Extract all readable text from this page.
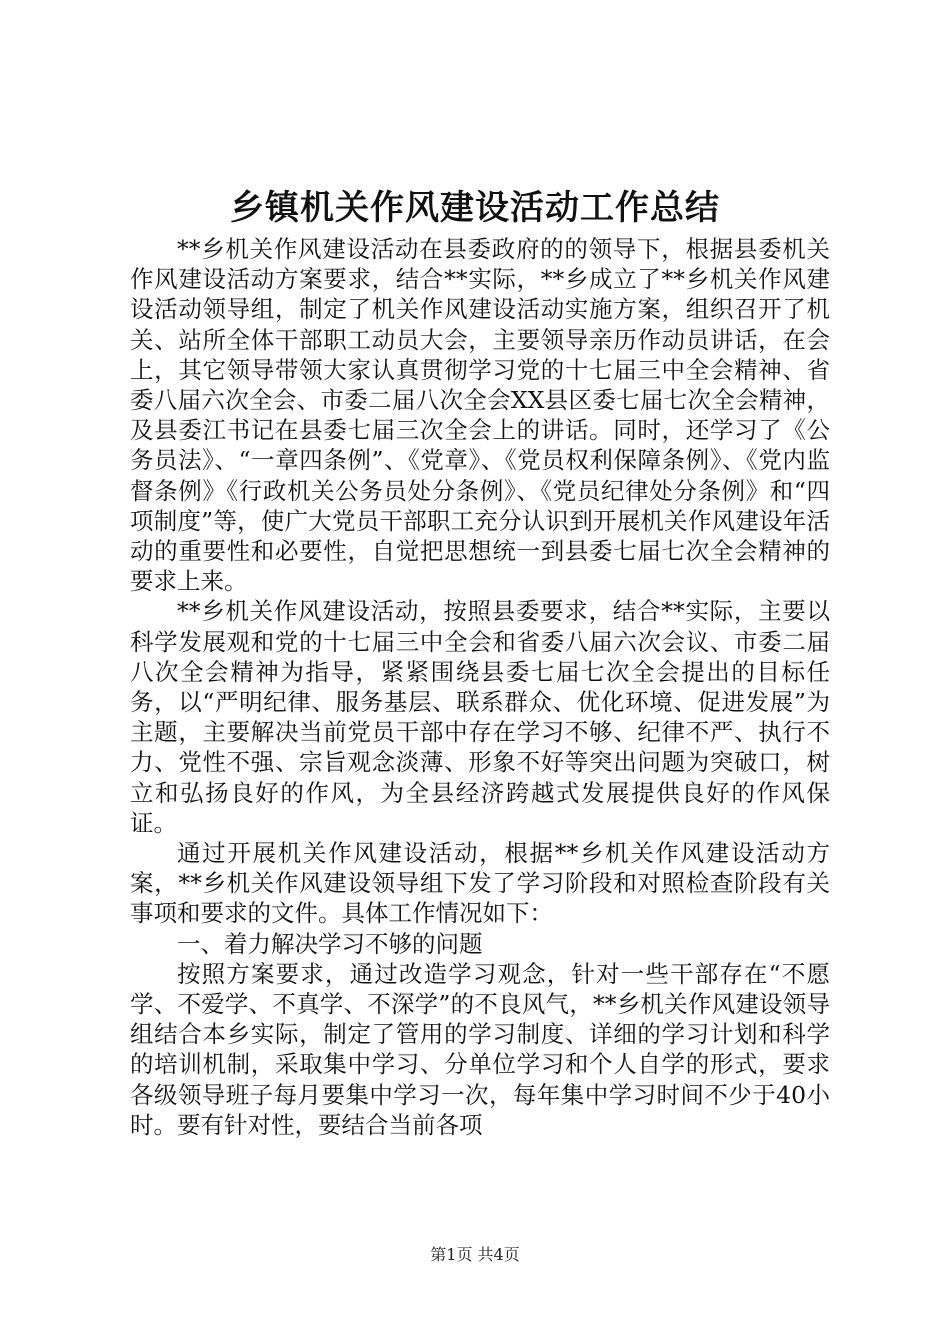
乡镇机关作风建设活动工作总结

**乡机关作风建设活动在县委政府的的领导下，根据县委机关作风建设活动方案要求，结合**实际，**乡成立了**乡机关作风建设活动领导组，制定了机关作风建设活动实施方案，组织召开了机关、站所全体干部职工动员大会，主要领导亲历作动员讲话，在会上，其它领导带领大家认真贯彻学习党的十七届三中全会精神、省委八届六次全会、市委二届八次全会XX县区委七届七次全会精神，及县委江书记在县委七届三次全会上的讲话。同时，还学习了《公务员法》、“一章四条例”、《党章》、《党员权利保障条例》、《党内监督条例》《行政机关公务员处分条例》、《党员纪律处分条例》和“四项制度”等，使广大党员干部职工充分认识到开展机关作风建设年活动的重要性和必要性，自觉把思想统一到县委七届七次全会精神的要求上来。

**乡机关作风建设活动，按照县委要求，结合**实际，主要以科学发展观和党的十七届三中全会和省委八届六次会议、市委二届八次全会精神为指导，紧紧围绕县委七届七次全会提出的目标任务，以“严明纪律、服务基层、联系群众、优化环境、促进发展”为主题，主要解决当前党员干部中存在学习不够、纪律不严、执行不力、党性不强、宗旨观念淡薄、形象不好等突出问题为突破口，树立和弘扬良好的作风，为全县经济跨越式发展提供良好的作风保证。

通过开展机关作风建设活动，根据**乡机关作风建设活动方案，**乡机关作风建设领导组下发了学习阶段和对照检查阶段有关事项和要求的文件。具体工作情况如下：

一、着力解决学习不够的问题

按照方案要求，通过改造学习观念，针对一些干部存在“不愿学、不爱学、不真学、不深学”的不良风气，**乡机关作风建设领导组结合本乡实际，制定了管用的学习制度、详细的学习计划和科学的培训机制，采取集中学习、分单位学习和个人自学的形式，要求各级领导班子每月要集中学习一次，每年集中学习时间不少于40小时。要有针对性，要结合当前各项

第1页 共4页
